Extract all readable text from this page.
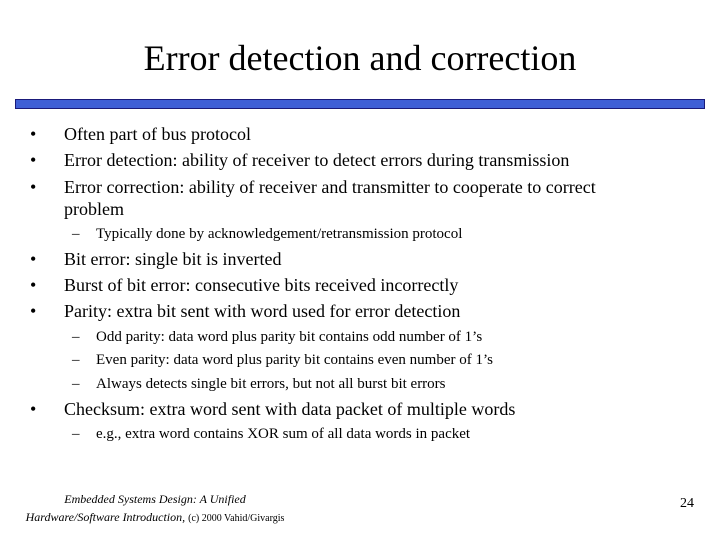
Error detection and correction
• Often part of bus protocol
• Error detection: ability of receiver to detect errors during transmission
• Error correction: ability of receiver and transmitter to cooperate to correct
problem
– Typically done by acknowledgement/retransmission protocol
• Bit error: single bit is inverted
• Burst of bit error: consecutive bits received incorrectly
• Parity: extra bit sent with word used for error detection
– Odd parity: data word plus parity bit contains odd number of 1’s
– Even parity: data word plus parity bit contains even number of 1’s
– Always detects single bit errors, but not all burst bit errors
• Checksum: extra word sent with data packet of multiple words
– e.g., extra word contains XOR sum of all data words in packet
Embedded Systems Design: A Unified
Hardware/Software Introduction, (c) 2000 Vahid/Givargis
24
